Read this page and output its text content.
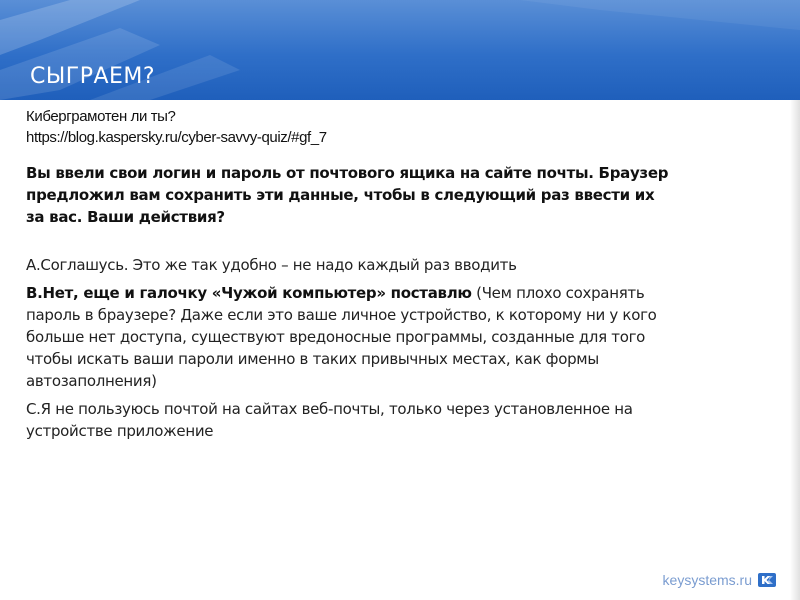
СЫГРАЕМ?
Киберграмотен ли ты?
https://blog.kaspersky.ru/cyber-savvy-quiz/#gf_7
Вы ввели свои логин и пароль от почтового ящика на сайте почты. Браузер предложил вам сохранить эти данные, чтобы в следующий раз ввести их за вас. Ваши действия?
А.Соглашусь. Это же так удобно – не надо каждый раз вводить
В.Нет, еще и галочку «Чужой компьютер» поставлю (Чем плохо сохранять пароль в браузере? Даже если это ваше личное устройство, к которому ни у кого больше нет доступа, существуют вредоносные программы, созданные для того чтобы искать ваши пароли именно в таких привычных местах, как формы автозаполнения)
С.Я не пользуюсь почтой на сайтах веб-почты, только через установленное на устройстве приложение
keysystems.ru
